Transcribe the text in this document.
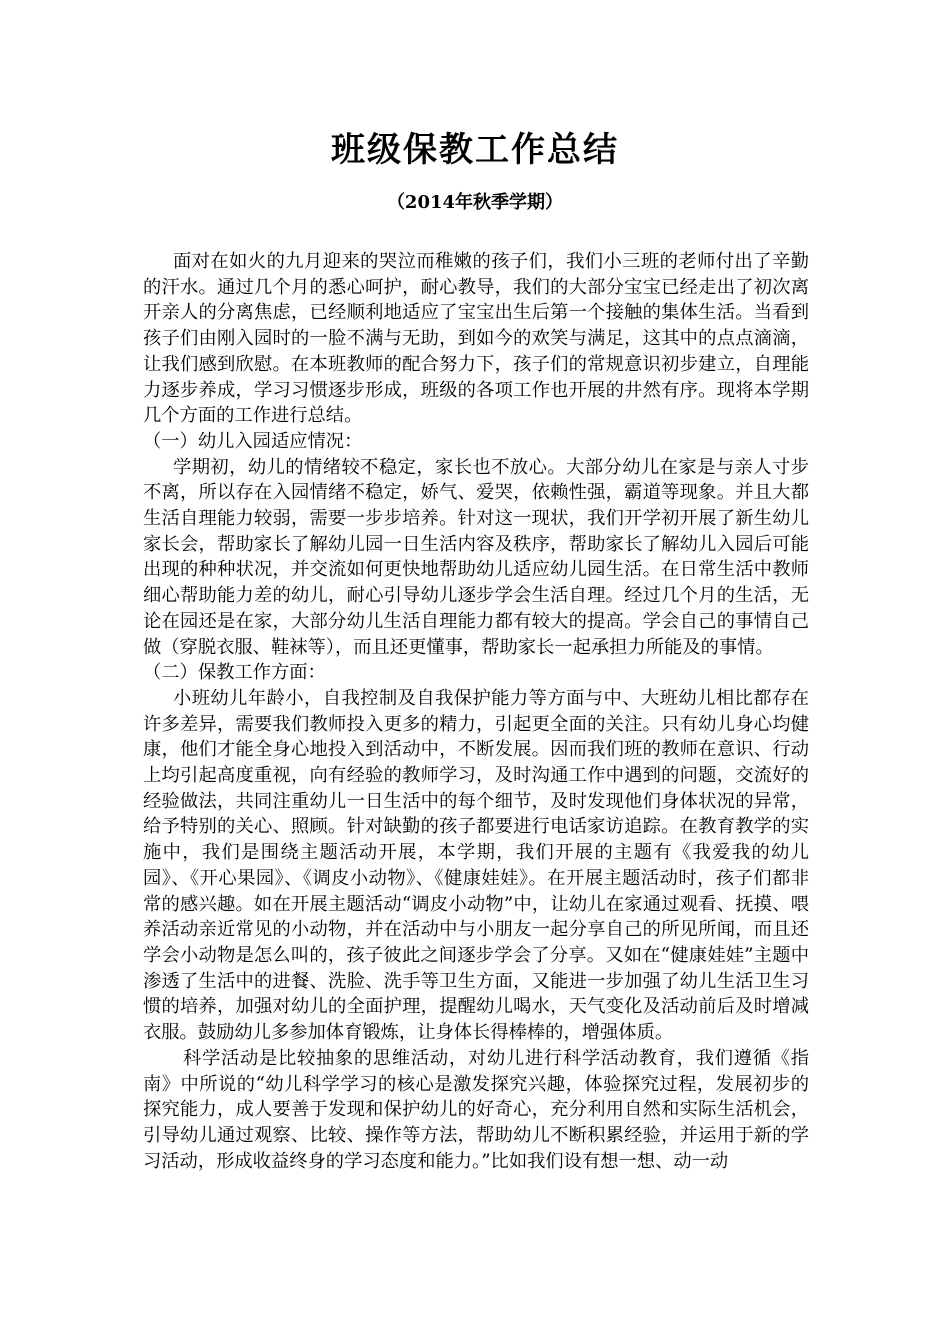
班级保教工作总结
（2014年秋季学期）

面对在如火的九月迎来的哭泣而稚嫩的孩子们，我们小三班的老师付出了辛勤的汗水。通过几个月的悉心呵护，耐心教导，我们的大部分宝宝已经走出了初次离开亲人的分离焦虑，已经顺利地适应了宝宝出生后第一个接触的集体生活。当看到孩子们由刚入园时的一脸不满与无助，到如今的欢笑与满足，这其中的点点滴滴，让我们感到欣慰。在本班教师的配合努力下，孩子们的常规意识初步建立，自理能力逐步养成，学习习惯逐步形成，班级的各项工作也开展的井然有序。现将本学期几个方面的工作进行总结。

（一）幼儿入园适应情况：

学期初，幼儿的情绪较不稳定，家长也不放心。大部分幼儿在家是与亲人寸步不离，所以存在入园情绪不稳定，娇气、爱哭，依赖性强，霸道等现象。并且大都生活自理能力较弱，需要一步步培养。针对这一现状，我们开学初开展了新生幼儿家长会，帮助家长了解幼儿园一日生活内容及秩序，帮助家长了解幼儿入园后可能出现的种种状况，并交流如何更快地帮助幼儿适应幼儿园生活。在日常生活中教师细心帮助能力差的幼儿，耐心引导幼儿逐步学会生活自理。经过几个月的生活，无论在园还是在家，大部分幼儿生活自理能力都有较大的提高。学会自己的事情自己做（穿脱衣服、鞋袜等），而且还更懂事，帮助家长一起承担力所能及的事情。

（二）保教工作方面：

小班幼儿年龄小，自我控制及自我保护能力等方面与中、大班幼儿相比都存在许多差异，需要我们教师投入更多的精力，引起更全面的关注。只有幼儿身心均健康，他们才能全身心地投入到活动中，不断发展。因而我们班的教师在意识、行动上均引起高度重视，向有经验的教师学习，及时沟通工作中遇到的问题，交流好的经验做法，共同注重幼儿一日生活中的每个细节，及时发现他们身体状况的异常，给予特别的关心、照顾。针对缺勤的孩子都要进行电话家访追踪。在教育教学的实施中，我们是围绕主题活动开展，本学期，我们开展的主题有《我爱我的幼儿园》、《开心果园》、《调皮小动物》、《健康娃娃》。在开展主题活动时，孩子们都非常的感兴趣。如在开展主题活动“调皮小动物”中，让幼儿在家通过观看、抚摸、喂养活动亲近常见的小动物，并在活动中与小朋友一起分享自己的所见所闻，而且还学会小动物是怎么叫的，孩子彼此之间逐步学会了分享。又如在“健康娃娃”主题中渗透了生活中的进餐、洗脸、洗手等卫生方面，又能进一步加强了幼儿生活卫生习惯的培养，加强对幼儿的全面护理，提醒幼儿喝水，天气变化及活动前后及时增减衣服。鼓励幼儿多参加体育锻炼，让身体长得棒棒的，增强体质。

科学活动是比较抽象的思维活动，对幼儿进行科学活动教育，我们遵循《指南》中所说的“幼儿科学学习的核心是激发探究兴趣，体验探究过程，发展初步的探究能力，成人要善于发现和保护幼儿的好奇心，充分利用自然和实际生活机会，引导幼儿通过观察、比较、操作等方法，帮助幼儿不断积累经验，并运用于新的学习活动，形成收益终身的学习态度和能力。”比如我们设有想一想、动一动
